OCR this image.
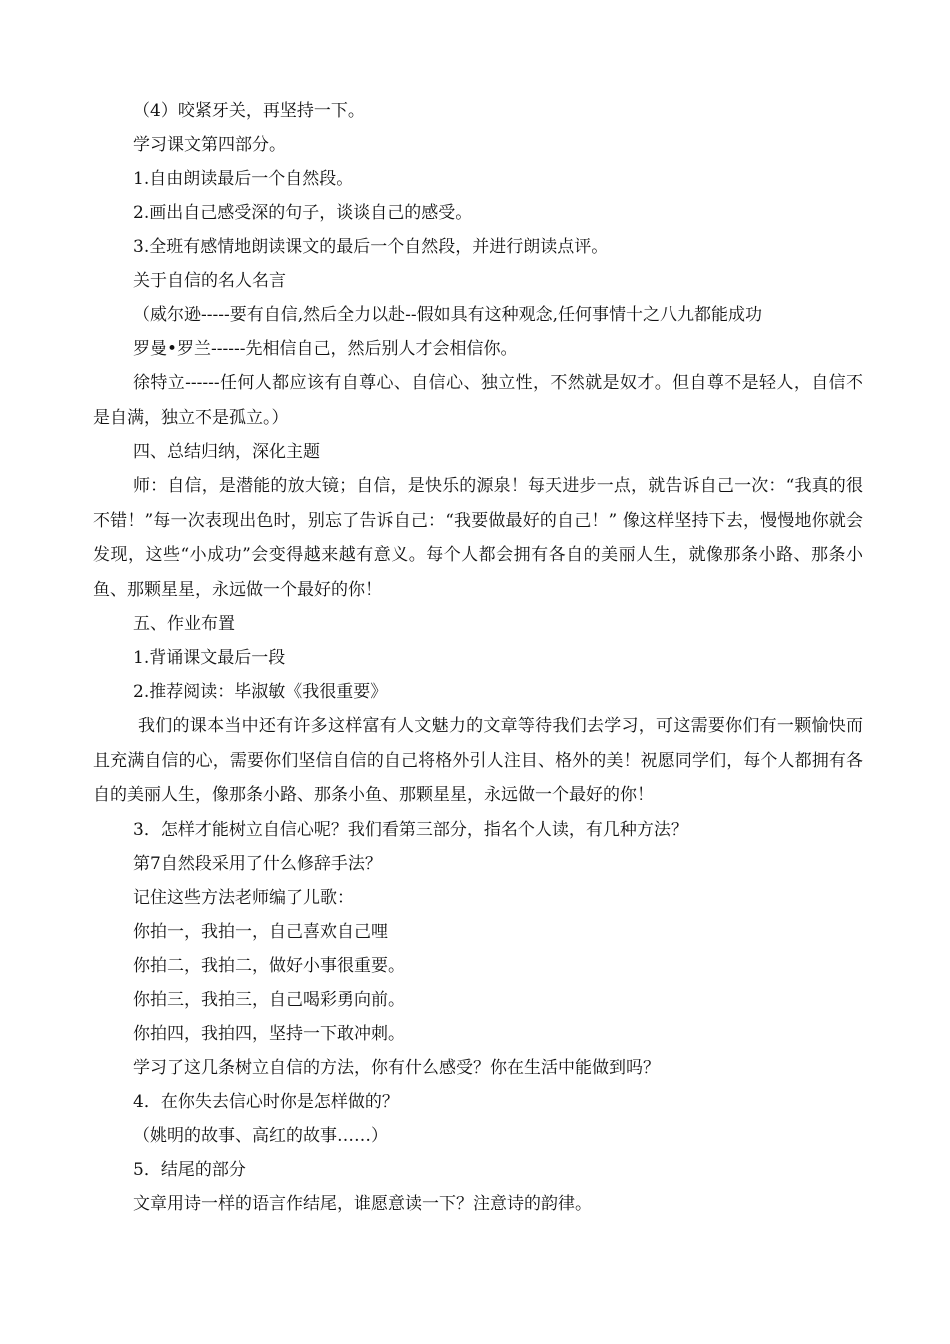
（4）咬紧牙关，再坚持一下。
学习课文第四部分。
1.自由朗读最后一个自然段。
2.画出自己感受深的句子，谈谈自己的感受。
3.全班有感情地朗读课文的最后一个自然段，并进行朗读点评。
关于自信的名人名言
（威尔逊-----要有自信,然后全力以赴--假如具有这种观念,任何事情十之八九都能成功
罗曼•罗兰------先相信自己，然后别人才会相信你。
徐特立------任何人都应该有自尊心、自信心、独立性，不然就是奴才。但自尊不是轻人，自信不是自满，独立不是孤立。）
四、总结归纳，深化主题
师：自信，是潜能的放大镜；自信，是快乐的源泉！每天进步一点，就告诉自己一次：“我真的很不错！”每一次表现出色时，别忘了告诉自己：“我要做最好的自己！” 像这样坚持下去，慢慢地你就会发现，这些“小成功”会变得越来越有意义。每个人都会拥有各自的美丽人生，就像那条小路、那条小鱼、那颗星星，永远做一个最好的你！
五、作业布置
1.背诵课文最后一段
2.推荐阅读：毕淑敏《我很重要》
我们的课本当中还有许多这样富有人文魅力的文章等待我们去学习，可这需要你们有一颗愉快而且充满自信的心，需要你们坚信自信的自己将格外引人注目、格外的美！祝愿同学们，每个人都拥有各自的美丽人生，像那条小路、那条小鱼、那颗星星，永远做一个最好的你！
3．怎样才能树立自信心呢？我们看第三部分，指名个人读，有几种方法？
第7自然段采用了什么修辞手法？
记住这些方法老师编了儿歌：
你拍一，我拍一，自己喜欢自己哩
你拍二，我拍二，做好小事很重要。
你拍三，我拍三，自己喝彩勇向前。
你拍四，我拍四，坚持一下敢冲刺。
学习了这几条树立自信的方法，你有什么感受？你在生活中能做到吗？
4．在你失去信心时你是怎样做的？
（姚明的故事、高红的故事……）
5．结尾的部分
文章用诗一样的语言作结尾，谁愿意读一下？注意诗的韵律。
